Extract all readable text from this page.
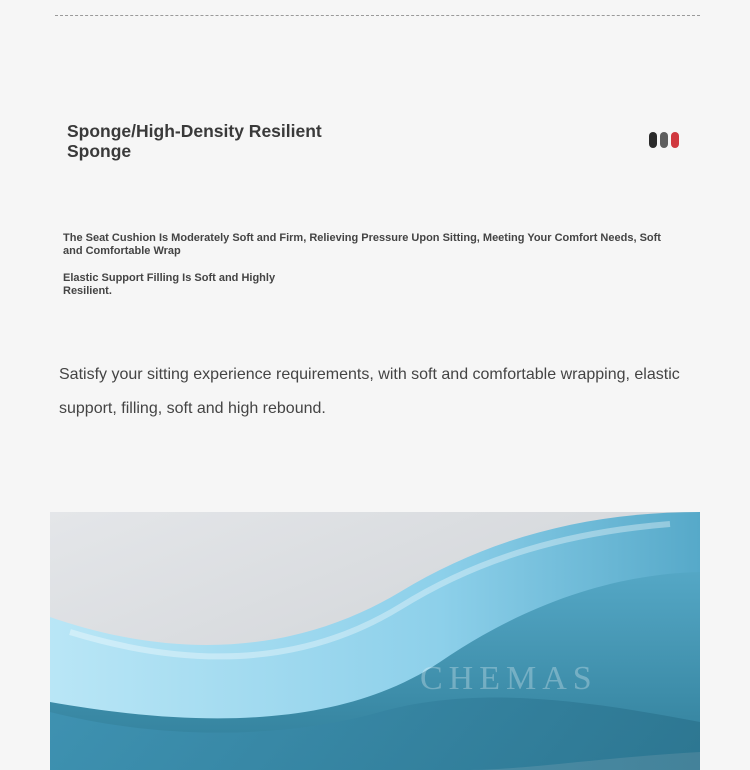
Sponge/High-Density Resilient Sponge
The Seat Cushion Is Moderately Soft and Firm, Relieving Pressure Upon Sitting, Meeting Your Comfort Needs, Soft and Comfortable Wrap
Elastic Support Filling Is Soft and Highly Resilient.
Satisfy your sitting experience requirements, with soft and comfortable wrapping, elastic support, filling, soft and high rebound.
CHEMAS
